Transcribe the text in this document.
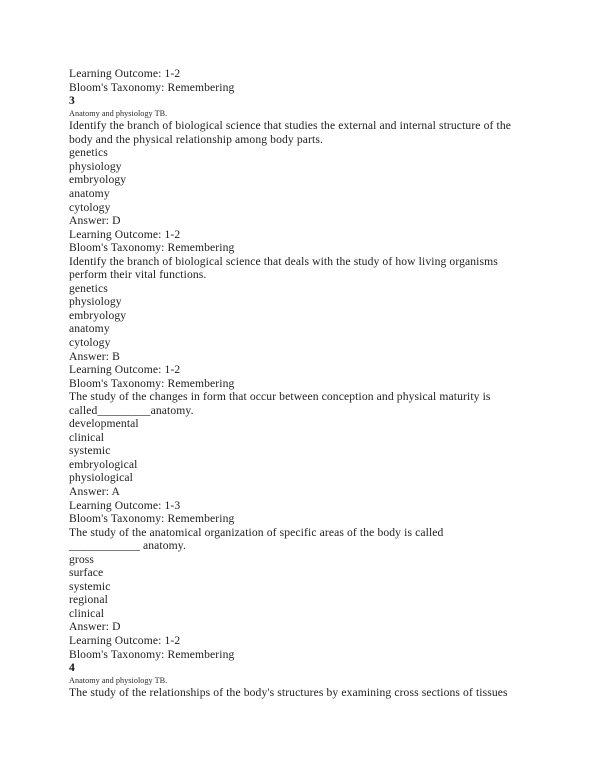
Learning Outcome: 1-2
Bloom's Taxonomy: Remembering
3
Anatomy and physiology TB.
Identify the branch of biological science that studies the external and internal structure of the body and the physical relationship among body parts.
genetics
physiology
embryology
anatomy
cytology
Answer: D
Learning Outcome: 1-2
Bloom's Taxonomy: Remembering
Identify the branch of biological science that deals with the study of how living organisms perform their vital functions.
genetics
physiology
embryology
anatomy
cytology
Answer: B
Learning Outcome: 1-2
Bloom's Taxonomy: Remembering
The study of the changes in form that occur between conception and physical maturity is called_________anatomy.
developmental
clinical
systemic
embryological
physiological
Answer: A
Learning Outcome: 1-3
Bloom's Taxonomy: Remembering
The study of the anatomical organization of specific areas of the body is called ____________ anatomy.
gross
surface
systemic
regional
clinical
Answer: D
Learning Outcome: 1-2
Bloom's Taxonomy: Remembering
4
Anatomy and physiology TB.
The study of the relationships of the body's structures by examining cross sections of tissues
